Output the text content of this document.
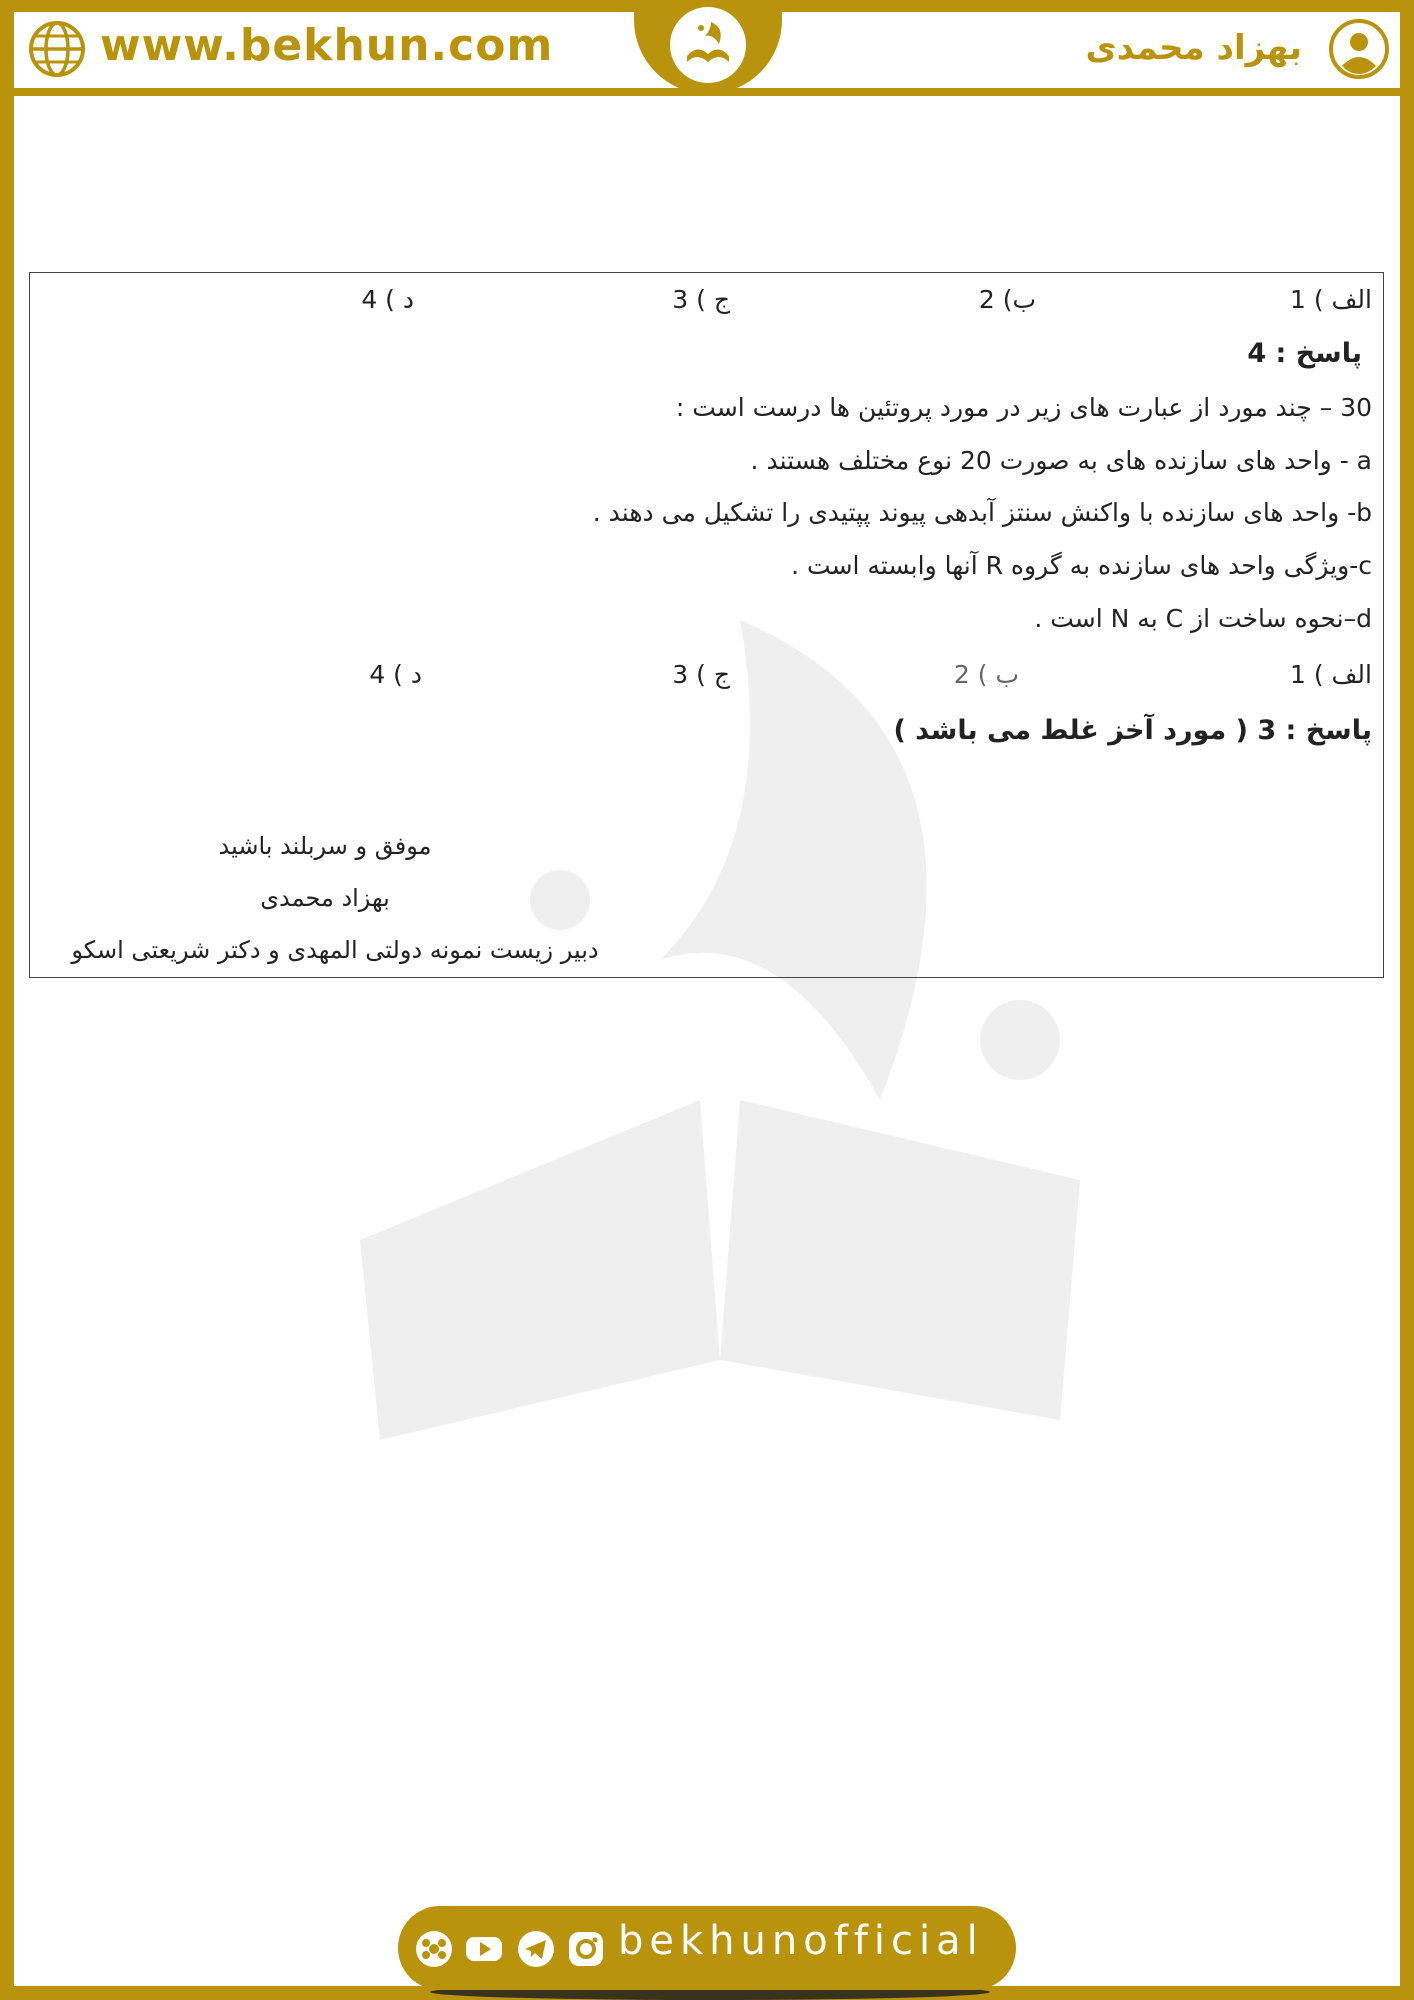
www.bekhun.com	بهزاد محمدی
الف ) 1
ب) 2
ج ) 3
د ) 4
پاسخ : 4
30 – چند مورد از عبارت های زیر در مورد پروتئین ها درست است :
a - واحد های سازنده های به صورت 20 نوع مختلف هستند .
b- واحد های سازنده با واکنش سنتز آبدهی پیوند پپتیدی را تشکیل می دهند .
c-ویژگی واحد های سازنده به گروه R آنها وابسته است .
d–نحوه ساخت از C به N است .
الف ) 1
ب ) 2
ج ) 3
د ) 4
پاسخ : 3 ( مورد آخز غلط می باشد )
موفق و سربلند باشید
بهزاد محمدی
دبیر زیست نمونه دولتی المهدی و دکتر شریعتی اسکو
bekhunofficial
